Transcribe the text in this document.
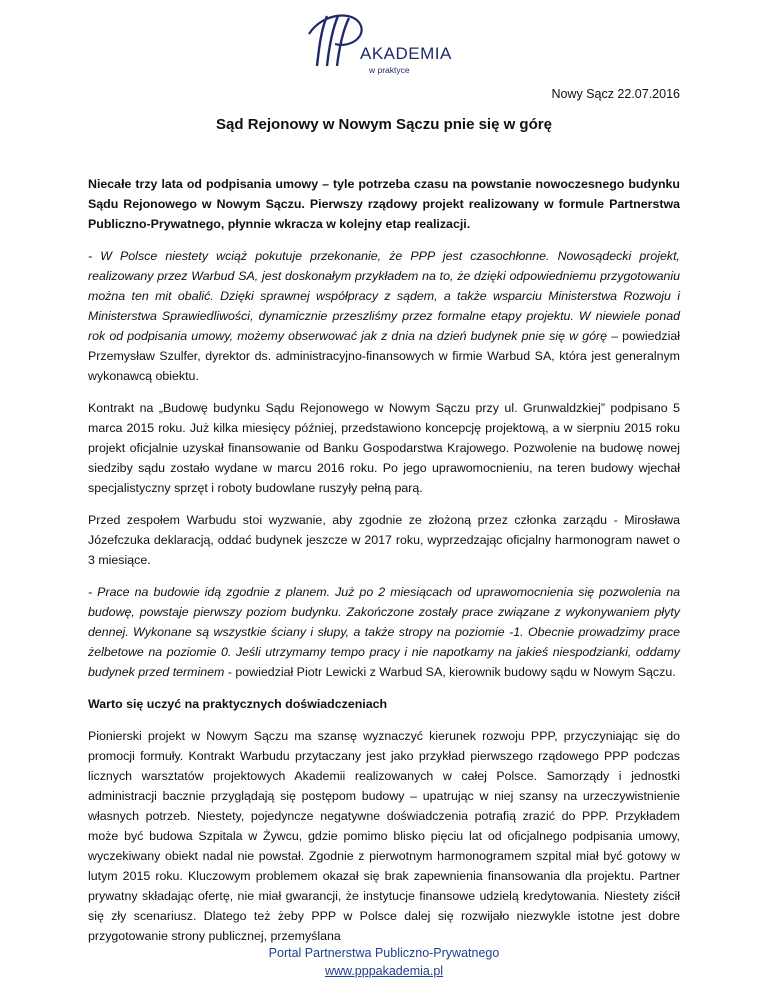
AKADEMIA
w praktyce
Nowy Sącz 22.07.2016
Sąd Rejonowy w Nowym Sączu pnie się w górę

Niecałe trzy lata od podpisania umowy – tyle potrzeba czasu na powstanie nowoczesnego budynku Sądu Rejonowego w Nowym Sączu. Pierwszy rządowy projekt realizowany w formule Partnerstwa Publiczno-Prywatnego, płynnie wkracza w kolejny etap realizacji.

- W Polsce niestety wciąż pokutuje przekonanie, że PPP jest czasochłonne. Nowosądecki projekt, realizowany przez Warbud SA, jest doskonałym przykładem na to, że dzięki odpowiedniemu przygotowaniu można ten mit obalić. Dzięki sprawnej współpracy z sądem, a także wsparciu Ministerstwa Rozwoju i Ministerstwa Sprawiedliwości, dynamicznie przeszliśmy przez formalne etapy projektu. W niewiele ponad rok od podpisania umowy, możemy obserwować jak z dnia na dzień budynek pnie się w górę – powiedział Przemysław Szulfer, dyrektor ds. administracyjno-finansowych w firmie Warbud SA, która jest generalnym wykonawcą obiektu.

Kontrakt na „Budowę budynku Sądu Rejonowego w Nowym Sączu przy ul. Grunwaldzkiej” podpisano 5 marca 2015 roku. Już kilka miesięcy później, przedstawiono koncepcję projektową, a w sierpniu 2015 roku projekt oficjalnie uzyskał finansowanie od Banku Gospodarstwa Krajowego. Pozwolenie na budowę nowej siedziby sądu zostało wydane w marcu 2016 roku. Po jego uprawomocnieniu, na teren budowy wjechał specjalistyczny sprzęt i roboty budowlane ruszyły pełną parą.

Przed zespołem Warbudu stoi wyzwanie, aby zgodnie ze złożoną przez członka zarządu - Mirosława Józefczuka deklaracją, oddać budynek jeszcze w 2017 roku, wyprzedzając oficjalny harmonogram nawet o 3 miesiące.

- Prace na budowie idą zgodnie z planem. Już po 2 miesiącach od uprawomocnienia się pozwolenia na budowę, powstaje pierwszy poziom budynku. Zakończone zostały prace związane z wykonywaniem płyty dennej. Wykonane są wszystkie ściany i słupy, a także stropy na poziomie -1. Obecnie prowadzimy prace żelbetowe na poziomie 0. Jeśli utrzymamy tempo pracy i nie napotkamy na jakieś niespodzianki, oddamy budynek przed terminem - powiedział Piotr Lewicki z Warbud SA, kierownik budowy sądu w Nowym Sączu.

Warto się uczyć na praktycznych doświadczeniach

Pionierski projekt w Nowym Sączu ma szansę wyznaczyć kierunek rozwoju PPP, przyczyniając się do promocji formuły. Kontrakt Warbudu przytaczany jest jako przykład pierwszego rządowego PPP podczas licznych warsztatów projektowych Akademii realizowanych w całej Polsce. Samorządy i jednostki administracji bacznie przyglądają się postępom budowy – upatrując w niej szansy na urzeczywistnienie własnych potrzeb. Niestety, pojedyncze negatywne doświadczenia potrafią zrazić do PPP. Przykładem może być budowa Szpitala w Żywcu, gdzie pomimo blisko pięciu lat od oficjalnego podpisania umowy, wyczekiwany obiekt nadal nie powstał. Zgodnie z pierwotnym harmonogramem szpital miał być gotowy w lutym 2015 roku. Kluczowym problemem okazał się brak zapewnienia finansowania dla projektu. Partner prywatny składając ofertę, nie miał gwarancji, że instytucje finansowe udzielą kredytowania. Niestety ziścił się zły scenariusz. Dlatego też żeby PPP w Polsce dalej się rozwijało niezwykle istotne jest dobre przygotowanie strony publicznej, przemyślana

Portal Partnerstwa Publiczno-Prywatnego
www.pppakademia.pl
